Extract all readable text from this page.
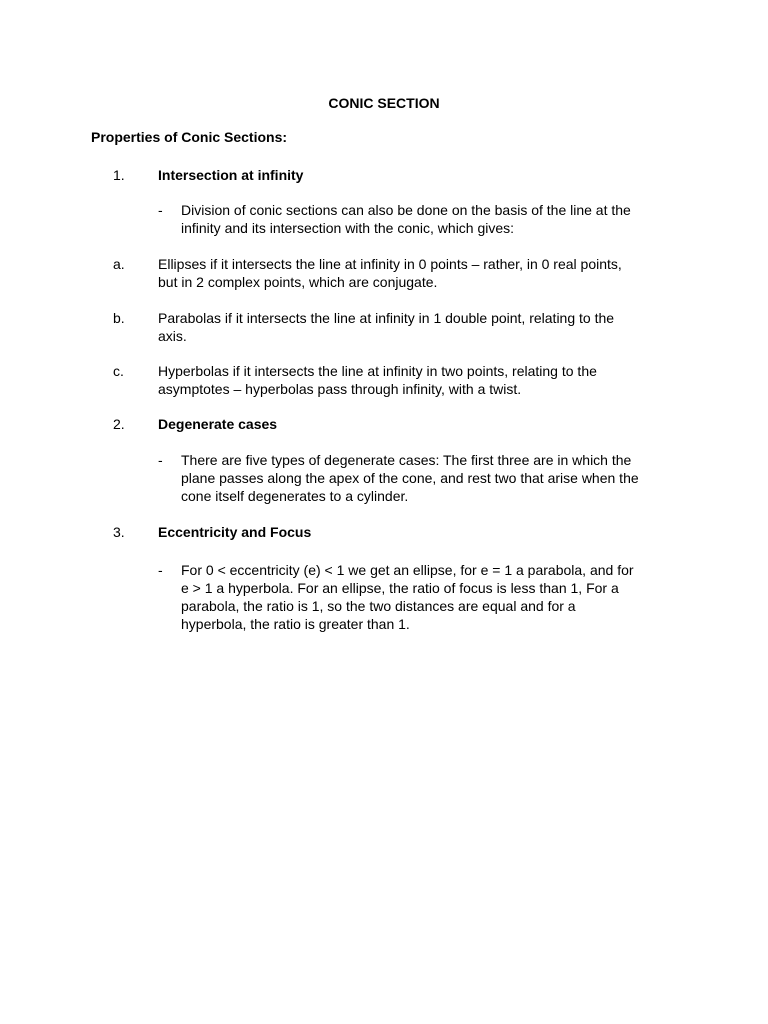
CONIC SECTION
Properties of Conic Sections:
1. Intersection at infinity
- Division of conic sections can also be done on the basis of the line at the
infinity and its intersection with the conic, which gives:
a. Ellipses if it intersects the line at infinity in 0 points – rather, in 0 real points,
but in 2 complex points, which are conjugate.
b. Parabolas if it intersects the line at infinity in 1 double point, relating to the
axis.
c. Hyperbolas if it intersects the line at infinity in two points, relating to the
asymptotes – hyperbolas pass through infinity, with a twist.
2. Degenerate cases
- There are five types of degenerate cases: The first three are in which the
plane passes along the apex of the cone, and rest two that arise when the
cone itself degenerates to a cylinder.
3. Eccentricity and Focus
- For 0 < eccentricity (e) < 1 we get an ellipse, for e = 1 a parabola, and for
e > 1 a hyperbola. For an ellipse, the ratio of focus is less than 1, For a
parabola, the ratio is 1, so the two distances are equal and for a
hyperbola, the ratio is greater than 1.
